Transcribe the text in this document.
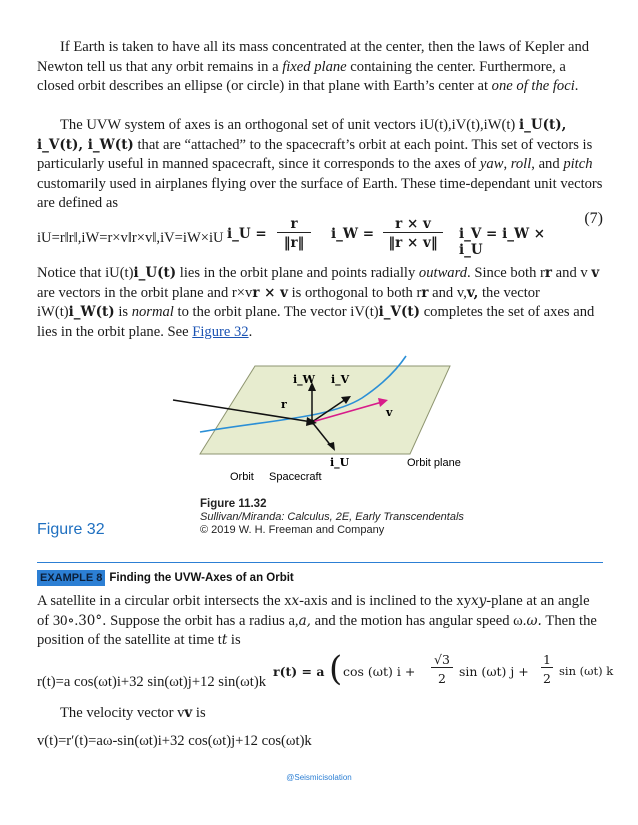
If Earth is taken to have all its mass concentrated at the center, then the laws of Kepler and Newton tell us that any orbit remains in a fixed plane containing the center. Furthermore, a closed orbit describes an ellipse (or circle) in that plane with Earth’s center at one of the foci.

The UVW system of axes is an orthogonal set of unit vectors iU(t),iV(t),iW(t) i_U(t), i_V(t), i_W(t) that are “attached” to the spacecraft’s orbit at each point. This set of vectors is particularly useful in manned spacecraft, since it corresponds to the axes of yaw, roll, and pitch customarily used in airplanes flying over the surface of Earth. These time-dependant unit vectors are defined as

(7)
i_U =
r
‖r‖
i_W =
r × v
‖r × v‖
i_V = i_W × i_U
iU=r‖r‖,iW=r×v‖r×v‖,iV=iW×iU

Notice that iU(t)i_U(t) lies in the orbit plane and points radially outward. Since both rr and v v are vectors in the orbit plane and r×vr × v is orthogonal to both rr and v,v, the vector iW(t)i_W(t) is normal to the orbit plane. The vector iV(t)i_V(t) completes the set of axes and lies in the orbit plane. See Figure 32.

i_W i_V
v
r
i_U	Orbit plane
Orbit Spacecraft
Figure 11.32
Sullivan/Miranda: Calculus, 2E, Early Transcendentals
© 2019 W. H. Freeman and Company
Figure 32
EXAMPLE 8 Finding the UVW-Axes of an Orbit

A satellite in a circular orbit intersects the xx-axis and is inclined to the xyxy-plane at an angle of 30∘.30°. Suppose the orbit has a radius a,a, and the motion has angular speed ω.ω. Then the position of the satellite at time tt is

r(t) = a ( cos (ωt) i +
√3
2	sin (ωt) j +
1
2 sin (ωt) k
r(t)=a cos(ωt)i+32 sin(ωt)j+12 sin(ωt)k

The velocity vector vv is

v(t)=r′(t)=aω-sin(ωt)i+32 cos(ωt)j+12 cos(ωt)k

@Seismicisolation
